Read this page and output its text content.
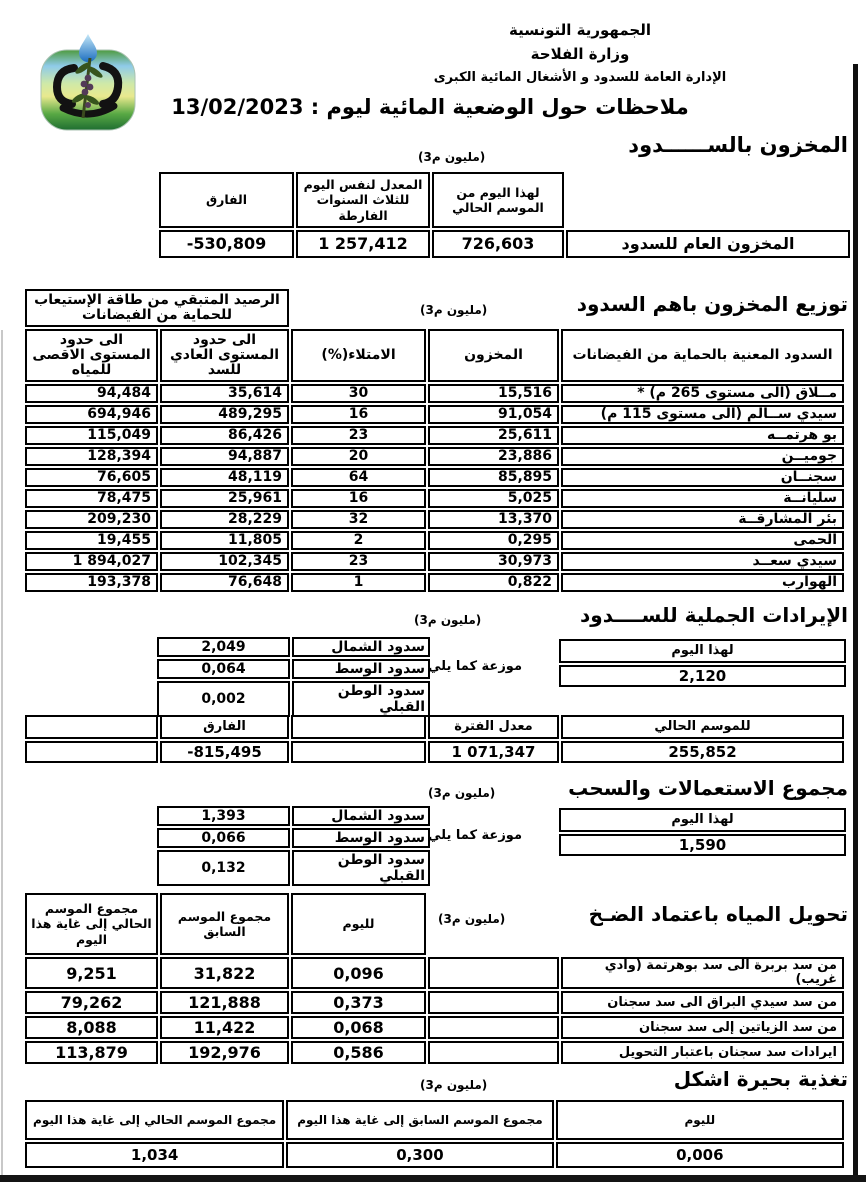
الجمهورية التونسية
وزارة الفلاحة
الإدارة العامة للسدود و الأشغال المائية الكبرى
ملاحظات حول الوضعية المائية ليوم : 13/02/2023
المخزون بالســــــدود
(مليون م3)
	لهذا اليوم من الموسم الحالي	المعدل لنفس اليوم للثلاث السنوات الفارطة	الفارق
المخزون العام للسدود	726,603	1 257,412	-530,809
توزيع المخزون باهم السدود
(مليون م3)
			الرصيد المتبقي من طاقة الإستيعاب للحماية من الفيضانات	
السدود المعنية بالحماية من الفيضانات	المخزون	الامتلاء(%)	الى حدود المستوى العادي للسد	الى حدود المستوى الاقصى للمياه
مــلاق (الى مستوى 265 م) *	15,516	30	35,614	94,484
سيدي ســالم (الى مستوى 115 م)	91,054	16	489,295	694,946
بو هرتمــه	25,611	23	86,426	115,049
جوميــن	23,886	20	94,887	128,394
سجنــان	85,895	64	48,119	76,605
سليانــة	5,025	16	25,961	78,475
بئر المشارقــة	13,370	32	28,229	209,230
الحمى	0,295	2	11,805	19,455
سيدي سعــد	30,973	23	102,345	1 894,027
الهوارب	0,822	1	76,648	193,378
الإيرادات الجملية للســــدود
(مليون م3)
لهذا اليوم
2,120
موزعة كما يلي
سدود الشمال	2,049
سدود الوسط	0,064
سدود الوطن القبلي	0,002
للموسم الحالي	معدل الفترة		الفارق	
255,852	1 071,347		-815,495	
مجموع الاستعمالات والسحب
(مليون م3)
لهذا اليوم
1,590
موزعة كما يلي
سدود الشمال	1,393
سدود الوسط	0,066
سدود الوطن القبلي	0,132
تحويل المياه باعتماد الضـخ
(مليون م3)
		لليوم	مجموع الموسم السابق	مجموع الموسم الحالي إلى غاية هذا اليوم
من سد بربرة الى سد بوهرتمة (وادي غريب)		0,096	31,822	9,251
من سد سيدي البراق الى سد سجنان		0,373	121,888	79,262
من سد الزياتين إلى سد سجنان		0,068	11,422	8,088
ايرادات سد سجنان باعتبار التحويل		0,586	192,976	113,879
تغذية بحيرة اشكل
(مليون م3)
لليوم	مجموع الموسم السابق إلى غاية هذا اليوم	مجموع الموسم الحالي إلى غاية هذا اليوم
0,006	0,300	1,034
